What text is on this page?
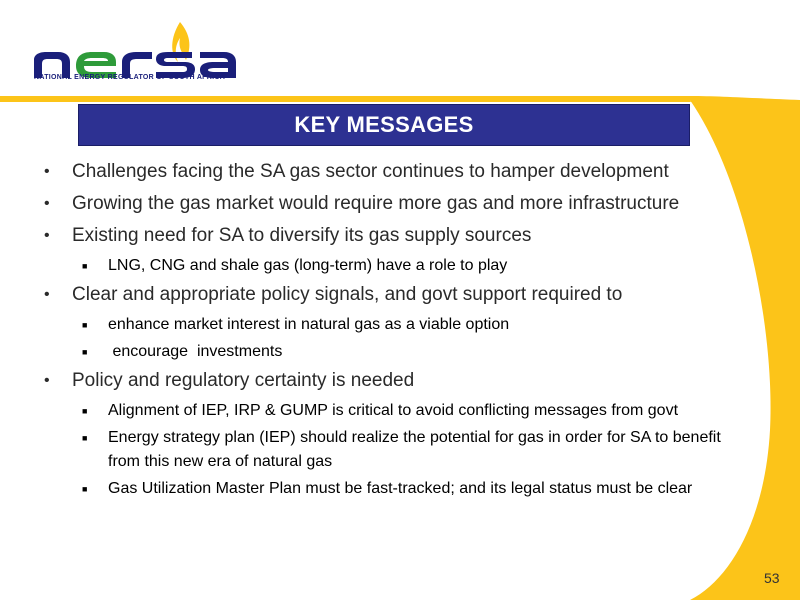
NATIONAL ENERGY REGULATOR OF SOUTH AFRICA
KEY MESSAGES
• Challenges facing the SA gas sector continues to hamper development
• Growing the gas market would require more gas and more infrastructure
• Existing need for SA to diversify its gas supply sources
■ LNG, CNG and shale gas (long-term) have a role to play
• Clear and appropriate policy signals, and govt support required to
■ enhance market interest in natural gas as a viable option
■ encourage  investments
• Policy and regulatory certainty is needed
■ Alignment of IEP, IRP & GUMP is critical to avoid conflicting messages from govt
■ Energy strategy plan (IEP) should realize the potential for gas in order for SA to benefit from this new era of natural gas
■ Gas Utilization Master Plan must be fast-tracked; and its legal status must be clear
53
